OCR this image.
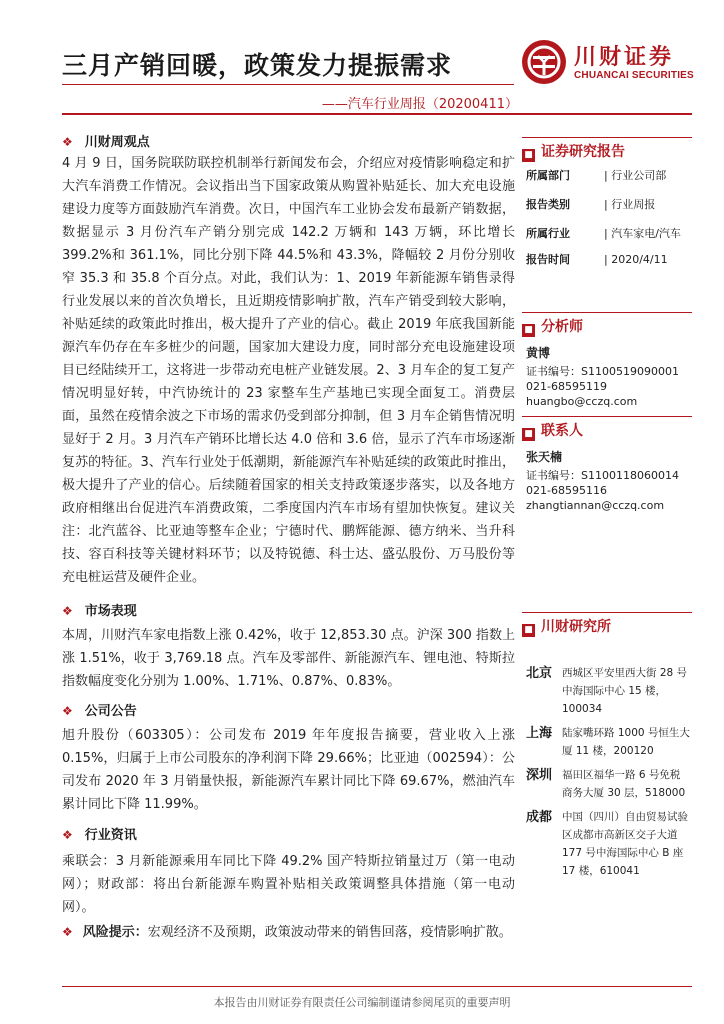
三月产销回暖，政策发力提振需求
——汽车行业周报（20200411）
川财证券
CHUANCAI SECURITIES
❖ 川财周观点

4 月 9 日，国务院联防联控机制举行新闻发布会，介绍应对疫情影响稳定和扩大汽车消费工作情况。会议指出当下国家政策从购置补贴延长、加大充电设施建设力度等方面鼓励汽车消费。次日，中国汽车工业协会发布最新产销数据，数据显示 3 月份汽车产销分别完成 142.2 万辆和 143 万辆，环比增长 399.2%和 361.1%，同比分别下降 44.5%和 43.3%，降幅较 2 月份分别收窄 35.3 和 35.8 个百分点。对此，我们认为：1、2019 年新能源车销售录得行业发展以来的首次负增长，且近期疫情影响扩散，汽车产销受到较大影响，补贴延续的政策此时推出，极大提升了产业的信心。截止 2019 年底我国新能源汽车仍存在车多桩少的问题，国家加大建设力度，同时部分充电设施建设项目已经陆续开工，这将进一步带动充电桩产业链发展。2、3 月车企的复工复产情况明显好转，中汽协统计的 23 家整车生产基地已实现全面复工。消费层面，虽然在疫情余波之下市场的需求仍受到部分抑制，但 3 月车企销售情况明显好于 2 月。3 月汽车产销环比增长达 4.0 倍和 3.6 倍，显示了汽车市场逐渐复苏的特征。3、汽车行业处于低潮期，新能源汽车补贴延续的政策此时推出，极大提升了产业的信心。后续随着国家的相关支持政策逐步落实，以及各地方政府相继出台促进汽车消费政策，二季度国内汽车市场有望加快恢复。建议关注：北汽蓝谷、比亚迪等整车企业；宁德时代、鹏辉能源、德方纳米、当升科技、容百科技等关键材料环节；以及特锐德、科士达、盛弘股份、万马股份等充电桩运营及硬件企业。

❖ 市场表现

本周，川财汽车家电指数上涨 0.42%，收于 12,853.30 点。沪深 300 指数上涨 1.51%，收于 3,769.18 点。汽车及零部件、新能源汽车、锂电池、特斯拉指数幅度变化分别为 1.00%、1.71%、0.87%、0.83%。

❖ 公司公告

旭升股份（603305）：公司发布 2019 年年度报告摘要，营业收入上涨 0.15%，归属于上市公司股东的净利润下降 29.66%；比亚迪（002594）：公司发布 2020 年 3 月销量快报，新能源汽车累计同比下降 69.67%，燃油汽车累计同比下降 11.99%。

❖ 行业资讯

乘联会：3 月新能源乘用车同比下降 49.2% 国产特斯拉销量过万（第一电动网）；财政部：将出台新能源车购置补贴相关政策调整具体措施（第一电动网）。

❖ 风险提示：宏观经济不及预期，政策波动带来的销售回落，疫情影响扩散。

■ 证券研究报告
所属部门	| 行业公司部
报告类别	| 行业周报
所属行业	| 汽车家电/汽车
报告时间	| 2020/4/11
■ 分析师
黄博
证书编号：S1100519090001
021-68595119
huangbo@cczq.com
■ 联系人
张天楠
证书编号：S1100118060014
021-68595116
zhangtiannan@cczq.com
■ 川财研究所
北京 西城区平安里西大街 28 号中海国际中心 15 楼，100034
上海 陆家嘴环路 1000 号恒生大厦 11 楼，200120
深圳 福田区福华一路 6 号免税商务大厦 30 层，518000
成都 中国（四川）自由贸易试验区成都市高新区交子大道 177 号中海国际中心 B 座 17 楼，610041
本报告由川财证券有限责任公司编制谨请参阅尾页的重要声明
